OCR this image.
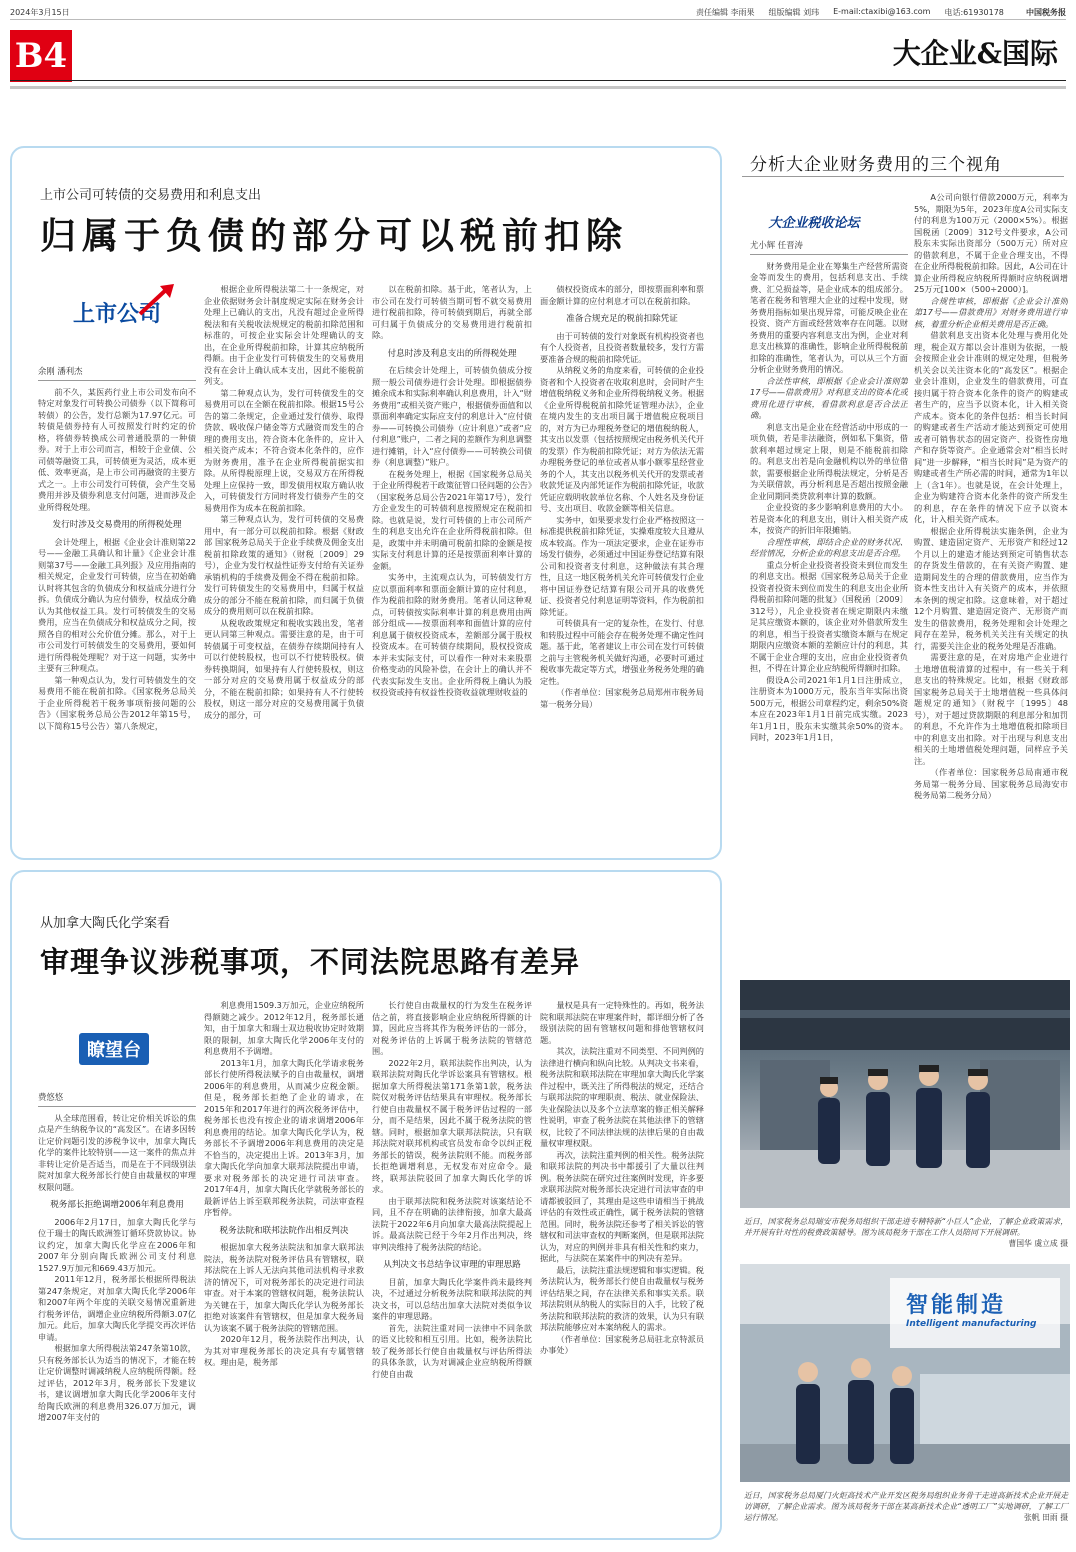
2024年3月15日	责任编辑 李雨果 组版编辑 刘玮 E-mail:ctaxibi@163.com 电话:61930178	中国税务报
B4	大企业&国际
上市公司可转债的交易费用和利息支出
归属于负债的部分可以税前扣除
上市公司

余刚 潘利杰

前不久，某医药行业上市公司发布向不特定对象发行可转换公司债券（以下简称可转债）的公告，发行总额为17.97亿元。可转债是债券持有人可按照发行时约定的价格，将债券转换成公司普通股票的一种债券。对于上市公司而言，相较于企业债、公司债等融资工具，可转债更为灵活，成本更低、效率更高，是上市公司再融资的主要方式之一。上市公司发行可转债，会产生交易费用并涉及债券利息支付问题，进而涉及企业所得税处理。

发行时涉及交易费用的所得税处理

会计处理上，根据《企业会计准则第22号——金融工具确认和计量》《企业会计准则第37号——金融工具列报》及应用指南的相关规定，企业发行可转债，应当在初始确认时将其包含的负债成分和权益成分进行分拆。负债成分确认为应付债券，权益成分确认为其他权益工具。发行可转债发生的交易费用，应当在负债成分和权益成分之间，按照各自的相对公允价值分摊。那么，对于上市公司发行可转债发生的交易费用，要如何进行所得税处理呢？对于这一问题，实务中主要有三种观点。

第一种观点认为，发行可转债发生的交易费用不能在税前扣除。《国家税务总局关于企业所得税若干税务事项衔接问题的公告》（国家税务总局公告2012年第15号，以下简称15号公告）第八条规定，

根据企业所得税法第二十一条规定，对企业依据财务会计制度规定实际在财务会计处理上已确认的支出，凡没有超过企业所得税法和有关税收法规规定的税前扣除范围和标准的，可按企业实际会计处理确认的支出，在企业所得税前扣除，计算其应纳税所得额。由于企业发行可转债发生的交易费用没有在会计上确认成本支出，因此不能税前列支。

第二种观点认为，发行可转债发生的交易费用可以在全额在税前扣除。根据15号公告的第二条规定，企业通过发行债券、取得贷款、吸收保户储金等方式融资而发生的合理的费用支出，符合资本化条件的，应计入相关资产成本；不符合资本化条件的，应作为财务费用，准予在企业所得税前据实扣除。从所得税原理上说，交易双方在所得税处理上应保持一致，即发债用权取方确认收入，可转债发行方同时将发行债券产生的交易费用作为成本在税前扣除。

第三种观点认为，发行可转债的交易费用中，有一部分可以税前扣除。根据《财政部 国家税务总局关于企业手续费及佣金支出税前扣除政策的通知》（财税〔2009〕29号），企业为发行权益性证券支付给有关证券承销机构的手续费及佣金不得在税前扣除。发行可转债发生的交易费用中，归属于权益成分的部分不能在税前扣除，而归属于负债成分的费用则可以在税前扣除。

从税收政策规定和税收实践出发，笔者更认同第三种观点。需要注意的是，由于可转债属于可变权益，在债券存续期间持有人可以行使转股权，也可以不行使转股权。债券转换期间，如果持有人行使转股权，则这一部分对应的交易费用属于权益成分的部分，不能在税前扣除；如果持有人不行使转股权，则这一部分对应的交易费用属于负债成分的部分，可

以在税前扣除。基于此，笔者认为，上市公司在发行可转债当期可暂不就交易费用进行税前扣除，待可转债到期后，再就全部可归属于负债成分的交易费用进行税前扣除。

付息时涉及利息支出的所得税处理

在后续会计处理上，可转债负债成分按照一般公司债券进行会计处理。即根据债券摊余成本和实际利率确认利息费用，计入“财务费用”或相关资产账户，根据债券面值和以票面利率确定实际应支付的利息计入“应付债券——可转换公司债券（应计利息）”或者“应付利息”账户，二者之间的差额作为利息调整进行摊销，计入“应付债券——可转换公司债券（利息调整）”账户。

在税务处理上，根据《国家税务总局关于企业所得税若干政策征管口径问题的公告》（国家税务总局公告2021年第17号），发行方企业发生的可转债利息按照规定在税前扣除。也就是说，发行可转债的上市公司所产生的利息支出允许在企业所得税前扣除。但是，政策中并未明确可税前扣除的金额是按实际支付利息计算的还是按票面利率计算的金额。

实务中，主流观点认为，可转债发行方应以票面利率和票面金额计算的应付利息，作为税前扣除的财务费用。笔者认同这种观点，可转债按实际利率计算的利息费用由两部分组成——按票面利率和面值计算的应付利息属于债权投资成本，差额部分属于股权投资成本。在可转债存续期间，股权投资成本并未实际支付，可以看作一种对未来股票价格变动的风险补偿，在会计上的确认并不代表实际发生支出。企业所得税上确认为股权投资或持有权益性投资收益就理财收益的

债权投资成本的部分，即按票面利率和票面金额计算的应付利息才可以在税前扣除。

准备合规充足的税前扣除凭证

由于可转债的发行对象既有机构投资者也有个人投资者，且投资者数量较多，发行方需要准备合规的税前扣除凭证。

从纳税义务的角度来看，可转债的企业投资者和个人投资者在收取利息时，会同时产生增值税纳税义务和企业所得税纳税义务。根据《企业所得税税前扣除凭证管理办法》，企业在境内发生的支出项目属于增值税应税项目的，对方为已办理税务登记的增值税纳税人，其支出以发票（包括按照规定由税务机关代开的发票）作为税前扣除凭证；对方为依法无需办理税务登记的单位或者从事小额零星经营业务的个人，其支出以税务机关代开的发票或者收款凭证及内部凭证作为税前扣除凭证，收款凭证应载明收款单位名称、个人姓名及身份证号、支出项目、收款金额等相关信息。

实务中，如果要求发行企业严格按照这一标准提供税前扣除凭证，实操难度较大且遵从成本较高。作为一项法定要求，企业在证券市场发行债券，必须通过中国证券登记结算有限公司和投资者支付利息，这种做法有其合理性，且这一地区税务机关允许可转债发行企业将中国证券登记结算有限公司开具的收费凭证、投资者兑付利息证明等资料，作为税前扣除凭证。

可转债具有一定的复杂性，在发行、付息和转股过程中可能会存在税务处理不确定性问题。基于此，笔者建议上市公司在发行可转债之前与主管税务机关做好沟通，必要时可通过税收事先裁定等方式，增强业务税务处理的确定性。

（作者单位：国家税务总局郑州市税务局第一税务分局）

从加拿大陶氏化学案看
审理争议涉税事项，不同法院思路有差异
瞭望台

费悠悠

从全球范围看，转让定价相关诉讼的焦点是产生纳税争议的“高发区”。在诸多因转让定价问题引发的涉税争议中，加拿大陶氏化学的案件比较特别——这一案件的焦点并非转让定价是否适当，而是在于不同级别法院对加拿大税务部长行使自由裁量权的审理权限问题。

税务部长拒绝调增2006年利息费用

2006年2月17日，加拿大陶氏化学与位于瑞士的陶氏欧洲签订循环贷款协议。协议约定，加拿大陶氏化学应在2006年和2007年分别向陶氏欧洲公司支付利息1527.9万加元和669.43万加元。

2011年12月，税务部长根据所得税法第247条规定，对加拿大陶氏化学2006年和2007年两个年度的关联交易情况重新进行税务评估，调增企业应纳税所得额3.07亿加元。此后，加拿大陶氏化学提交再次评估申请。

根据加拿大所得税法第247条第10款，只有税务部长认为适当的情况下，才能在转让定价调整时调减纳税人应纳税所得额。经过评估，2012年3月，税务部长下发建议书，建议调增加拿大陶氏化学2006年支付给陶氏欧洲的利息费用326.07万加元，调增2007年支付的

利息费用1509.3万加元，企业应纳税所得额随之减少。2012年12月，税务部长通知，由于加拿大和瑞士双边税收协定时效期限的限制，加拿大陶氏化学2006年支付的利息费用不予调增。

2013年1月，加拿大陶氏化学请求税务部长行使所得税法赋予的自由裁量权，调增2006年的利息费用，从而减少应税金额。但是，税务部长拒绝了企业的请求，在2015年和2017年进行的两次税务评估中，税务部长也没有按企业的请求调增2006年利息费用的结论。加拿大陶氏化学认为，税务部长不予调增2006年利息费用的决定是不恰当的，决定提出上诉。2013年3月，加拿大陶氏化学向加拿大联邦法院提出申请，要求对税务部长的决定进行司法审查。2017年4月，加拿大陶氏化学就税务部长的最新评估上诉至联邦税务法院，司法审查程序暂停。

税务法院和联邦法院作出相反判决

根据加拿大税务法院法和加拿大联邦法院法，税务法院对税务评估具有管辖权，联邦法院在上诉人无法向其他司法机构寻求救济的情况下，可对税务部长的决定进行司法审查。对于本案的管辖权问题，税务法院认为关键在于，加拿大陶氏化学认为税务部长拒绝对该案件有管辖权，但是加拿大税务局认为该案不属于税务法院的管辖范围。

2020年12月，税务法院作出判决，认为其对审理税务部长的决定具有专属管辖权。理由是，税务部

长行使自由裁量权的行为发生在税务评估之前，将直接影响企业应纳税所得额的计算，因此应当将其作为税务评估的一部分，对税务评估的上诉属于税务法院的管辖范围。

2022年2月，联邦法院作出判决，认为联邦法院对陶氏化学诉讼案具有管辖权。根据加拿大所得税法第171条第1款，税务法院仅对税务评估结果具有审理权。税务部长行使自由裁量权不属于税务评估过程的一部分，而不是结果，因此不属于税务法院的管辖。同时，根据加拿大联邦法院法，只有联邦法院对联邦机构或官员发布命令以纠正税务部长的错误，税务法院则不能。而税务部长拒绝调增利息，无权发布对应命令。最终，联邦法院驳回了加拿大陶氏化学的诉求。

由于联邦法院和税务法院对该案结论不同，且不存在明确的法律衔接，加拿大最高法院于2022年6月向加拿大最高法院提起上诉。最高法院已经于今年2月作出判决，终审判决维持了税务法院的结论。

从判决文书总结争议审理的审理思路

目前，加拿大陶氏化学案件尚未最终判决，不过通过分析税务法院和联邦法院的判决文书，可以总结出加拿大法院对类似争议案件的审理思路。

首先，法院注重对同一法律中不同条款的语义比较和相互引用。比如，税务法院比较了税务部长行使自由裁量权与评估所得法的具体条款，认为对调减企业应纳税所得额行使自由裁

量权是具有一定特殊性的。再如，税务法院和联邦法院在审理案件时，都详细分析了各级别法院的固有管辖权问题和排他管辖权问题。

其次，法院注重对不同类型、不同判例的法律进行横向和纵向比较。从判决文书来看，税务法院和联邦法院在审理加拿大陶氏化学案件过程中，既关注了所得税法的规定，还结合与联邦法院的审理职责、税法、就业保险法、失业保险法以及多个立法草案的修正相关解释性说明，审查了税务法院在其他法律下的管辖权，比较了不同法律法规的法律后果的自由裁量权审理权限。

再次，法院注重判例的相关性。税务法院和联邦法院的判决书中都援引了大量以往判例。税务法院在研究过往案例时发现，许多要求联邦法院对税务部长决定进行司法审查的申请都被驳回了，其理由是这些申请相当于挑战评估的有效性或正确性，属于税务法院的管辖范围。同时，税务法院还参考了相关诉讼的管辖权和司法审查权的判断案例，但是联邦法院认为，对应的判例并非具有相关性和约束力，据此，与法院在某案件中的判决有差异。

最后，法院注重法规逻辑和事实逻辑。税务法院认为，税务部长行使自由裁量权与税务评估结果之间，存在法律关系和事实关系。联邦法院则从纳税人的实际目的入手，比较了税务法院和联邦法院的救济的效果，认为只有联邦法院能够应对本案纳税人的需求。

（作者单位：国家税务总局驻北京特派员办事处）

分析大企业财务费用的三个视角
大企业税收论坛

尤小辉 任晋涛

财务费用是企业在筹集生产经营所需资金等而发生的费用，包括利息支出、手续费、汇兑损益等，是企业成本的组成部分。笔者在税务和管理大企业的过程中发现，财务费用指标如果出现异常，可能反映企业在投资、资产方面或经营效率存在问题。以财务费用的重要内容利息支出为例，企业对利息支出核算的准确性，影响企业所得税税前扣除的准确性，笔者认为，可以从三个方面分析企业财务费用的情况。

合法性审核，即根据《企业会计准则第17号——借款费用》对利息支出的资本化或费用化进行审核，看借款利息是否合法正确。

利息支出是企业在经营活动中形成的一项负债，若是非法融资，例如私下集资，借款利率超过规定上限，则是不能税前扣除的。利息支出若是向金融机构以外的单位借款，需要根据企业所得税法规定，分析是否为关联借款，再分析利息是否超出按照金融企业同期同类贷款利率计算的数额。

企业投资的多少影响利息费用的大小。若是资本化的利息支出，则计入相关资产成本，按资产的折旧年限摊销。

合理性审核，即结合企业的财务状况、经营情况，分析企业的利息支出是否合理。

重点分析企业投资者投资未到位而发生的利息支出。根据《国家税务总局关于企业投资者投资未到位而发生的利息支出企业所得税前扣除问题的批复》（国税函〔2009〕312号），凡企业投资者在规定期限内未缴足其应缴资本额的，该企业对外借款所发生的利息，相当于投资者实缴资本额与在规定期限内应缴资本额的差额应计付的利息，其不属于企业合理的支出，应由企业投资者负担，不得在计算企业应纳税所得额时扣除。

假设A公司2021年1月1日注册成立，注册资本为1000万元，股东当年实际出资500万元，根据公司章程约定，剩余50%资本应在2023年1月1日前完成实缴。2023年1月1日，股东未实缴其余50%的资本。同时，2023年1月1日，

A公司向银行借款2000万元，利率为5%，期限为5年，2023年度A公司实际支付的利息为100万元（2000×5%）。根据国税函〔2009〕312号文件要求，A公司股东未实际出资部分（500万元）所对应的借款利息，不属于企业合理支出，不得在企业所得税税前扣除。因此，A公司在计算企业所得税应纳税所得额时应纳税调增25万元[100×（500÷2000）]。

合规性审核，即根据《企业会计准则第17号——借款费用》对财务费用进行审核，着重分析企业相关费用是否正确。

借款利息支出资本化处理与费用化处理，税企双方都以会计准则为依据，一般会按照企业会计准则的规定处理，但税务机关会以关注资本化的“高发区”。根据企业会计准则，企业发生的借款费用，可直接归属于符合资本化条件的资产的购建或者生产的，应当予以资本化，计入相关资产成本。资本化的条件包括：相当长时间的购建或者生产活动才能达到预定可使用或者可销售状态的固定资产、投资性房地产和存货等资产。企业通常会对“相当长时间”进一步解释，“相当长时间”是为资产的购建或者生产所必需的时间，通常为1年以上（含1年）。也就是说，在会计处理上，企业为购建符合资本化条件的资产所发生的利息，存在条件的情况下应予以资本化，计入相关资产成本。

根据企业所得税法实施条例，企业为购置、建造固定资产、无形资产和经过12个月以上的建造才能达到预定可销售状态的存货发生借款的，在有关资产购置、建造期间发生的合理的借款费用，应当作为资本性支出计入有关资产的成本，并依照本条例的规定扣除。这意味着，对于超过12个月购置、建造固定资产、无形资产而发生的借款费用，税务处理和会计处理之间存在差异，税务机关关注有关规定的执行，需要关注企业的税务处理是否准确。

需要注意的是，在对房地产企业进行土地增值税清算的过程中，有一些关于利息支出的特殊规定。比如，根据《财政部 国家税务总局关于土地增值税一些具体问题规定的通知》（财税字〔1995〕48号），对于超过贷款期限的利息部分和加罚的利息，不允许作为土地增值税扣除项目中的利息支出扣除。对于出现与利息支出相关的土地增值税处理问题，同样应予关注。

（作者单位：国家税务总局南通市税务局第一税务分局、国家税务总局海安市税务局第二税务分局）

近日，国家税务总局瑞安市税务局组织干部走进专精特新“小巨人”企业，了解企业政策需求，并开展有针对性的税费政策辅导。图为该局税务干部在工作人员陪同下开展调研。
曹国华 虞立成 摄
智能制造
Intelligent manufacturing
近日，国家税务总局厦门火炬高技术产业开发区税务局组织业务骨干走进高新技术企业开展走访调研，了解企业需求。图为该局税务干部在某高新技术企业“透明工厂”实地调研，了解工厂运行情况。	张帆 田雨 摄
